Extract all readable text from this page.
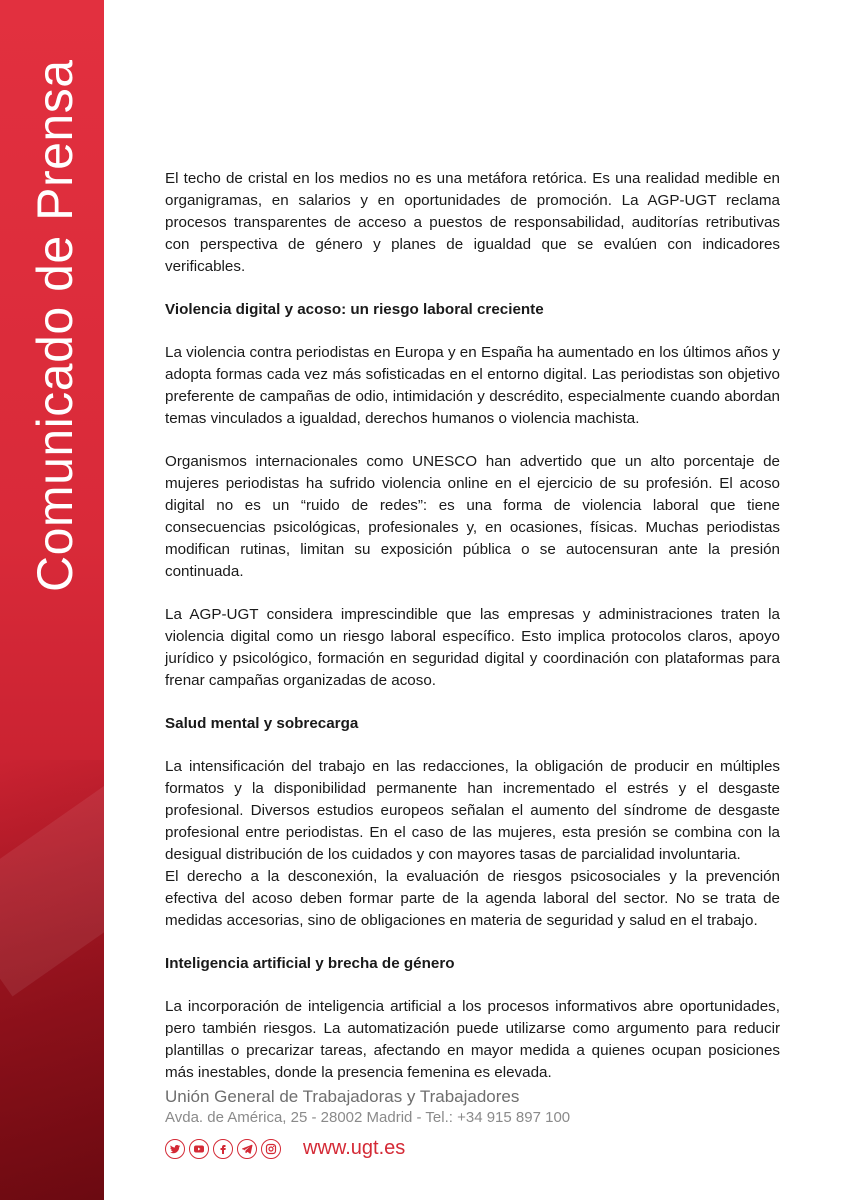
Comunicado de Prensa	El techo de cristal en los medios no es una metáfora retórica. Es una realidad medible en organigramas, en salarios y en oportunidades de promoción. La AGP-UGT reclama procesos transparentes de acceso a puestos de responsabilidad, auditorías retributivas con perspectiva de género y planes de igualdad que se evalúen con indicadores verificables.

Violencia digital y acoso: un riesgo laboral creciente

La violencia contra periodistas en Europa y en España ha aumentado en los últimos años y adopta formas cada vez más sofisticadas en el entorno digital. Las periodistas son objetivo preferente de campañas de odio, intimidación y descrédito, especialmente cuando abordan temas vinculados a igualdad, derechos humanos o violencia machista.

Organismos internacionales como UNESCO han advertido que un alto porcentaje de mujeres periodistas ha sufrido violencia online en el ejercicio de su profesión. El acoso digital no es un “ruido de redes”: es una forma de violencia laboral que tiene consecuencias psicológicas, profesionales y, en ocasiones, físicas. Muchas periodistas modifican rutinas, limitan su exposición pública o se autocensuran ante la presión continuada.

La AGP-UGT considera imprescindible que las empresas y administraciones traten la violencia digital como un riesgo laboral específico. Esto implica protocolos claros, apoyo jurídico y psicológico, formación en seguridad digital y coordinación con plataformas para frenar campañas organizadas de acoso.

Salud mental y sobrecarga

La intensificación del trabajo en las redacciones, la obligación de producir en múltiples formatos y la disponibilidad permanente han incrementado el estrés y el desgaste profesional. Diversos estudios europeos señalan el aumento del síndrome de desgaste profesional entre periodistas. En el caso de las mujeres, esta presión se combina con la desigual distribución de los cuidados y con mayores tasas de parcialidad involuntaria.

El derecho a la desconexión, la evaluación de riesgos psicosociales y la prevención efectiva del acoso deben formar parte de la agenda laboral del sector. No se trata de medidas accesorias, sino de obligaciones en materia de seguridad y salud en el trabajo.

Inteligencia artificial y brecha de género

La incorporación de inteligencia artificial a los procesos informativos abre oportunidades, pero también riesgos. La automatización puede utilizarse como argumento para reducir plantillas o precarizar tareas, afectando en mayor medida a quienes ocupan posiciones más inestables, donde la presencia femenina es elevada.

Unión General de Trabajadoras y Trabajadores
Avda. de América, 25 - 28002 Madrid - Tel.: +34 915 897 100
www.ugt.es
